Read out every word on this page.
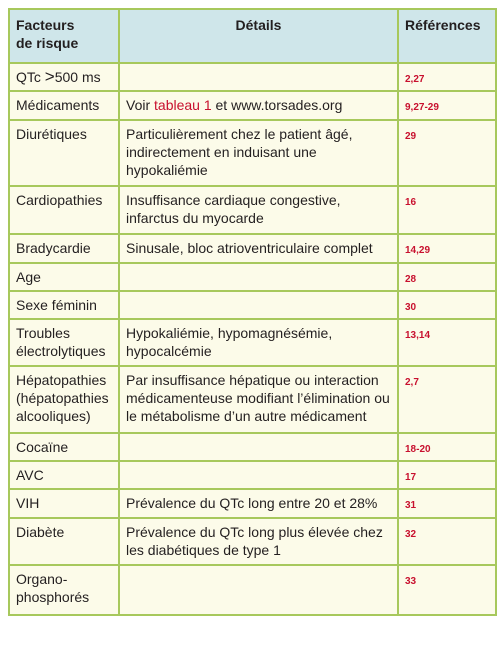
Facteurs
de risque	Détails	Références
QTc >500 ms		2,27
Médicaments	Voir tableau 1 et www.torsades.org	9,27-29
Diurétiques	Particulièrement chez le patient âgé, indirectement en induisant une hypokaliémie	29
Cardiopathies	Insuffisance cardiaque congestive, infarctus du myocarde	16
Bradycardie	Sinusale, bloc atrioventriculaire complet	14,29
Age		28
Sexe féminin		30
Troubles électrolytiques	Hypokaliémie, hypomagnésémie, hypocalcémie	13,14
Hépatopathies (hépatopathies alcooliques)	Par insuffisance hépatique ou interaction médicamenteuse modifiant l’élimination ou le métabolisme d’un autre médicament	2,7
Cocaïne		18-20
AVC		17
VIH	Prévalence du QTc long entre 20 et 28%	31
Diabète	Prévalence du QTc long plus élevée chez les diabétiques de type 1	32
Organo-
phosphorés		33
